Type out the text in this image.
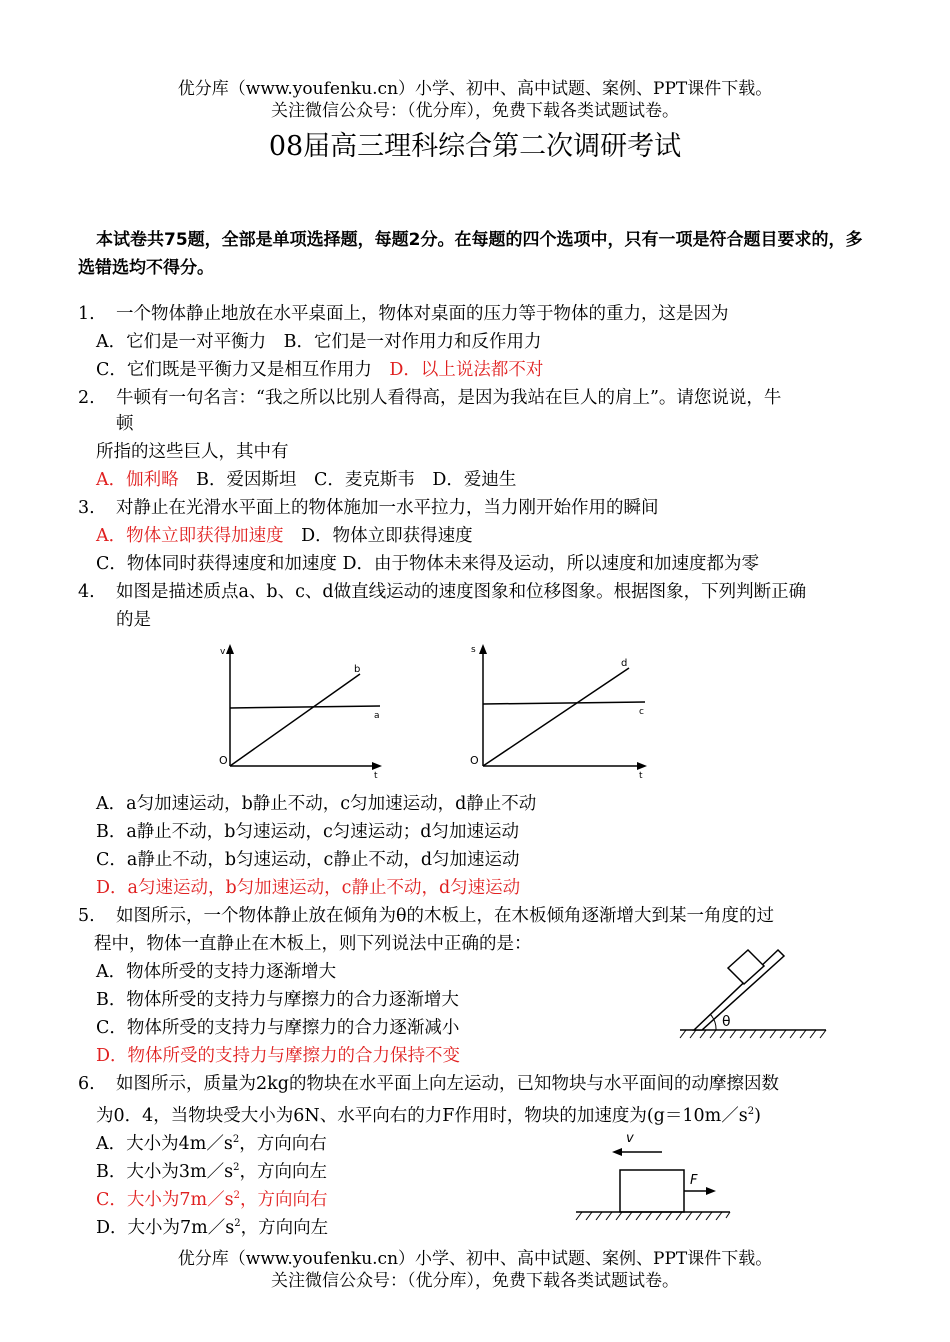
优分库（www.youfenku.cn）小学、初中、高中试题、案例、PPT课件下载。
关注微信公众号：（优分库），免费下载各类试题试卷。
08届高三理科综合第二次调研考试
本试卷共75题，全部是单项选择题，每题2分。在每题的四个选项中，只有一项是符合题目要求的，多选错选均不得分。
1. 一个物体静止地放在水平桌面上，物体对桌面的压力等于物体的重力，这是因为
A．它们是一对平衡力　B．它们是一对作用力和反作用力
C．它们既是平衡力又是相互作用力　 D．以上说法都不对
2. 牛顿有一句名言：“我之所以比别人看得高，是因为我站在巨人的肩上”。请您说说，牛
顿
所指的这些巨人，其中有
A．伽利略　 B．爱因斯坦　C．麦克斯韦　D．爱迪生
3. 对静止在光滑水平面上的物体施加一水平拉力，当力刚开始作用的瞬间
A．物体立即获得加速度　 D．物体立即获得速度
C．物体同时获得速度和加速度 D．由于物体未来得及运动，所以速度和加速度都为零
4. 如图是描述质点a、b、c、d做直线运动的速度图象和位移图象。根据图象，下列判断正确
的是
v
O
t
a
b
s
O
t
c
d
A．a匀加速运动，b静止不动，c匀加速运动，d静止不动
B．a静止不动，b匀速运动，c匀速运动；d匀加速运动
C．a静止不动，b匀速运动，c静止不动，d匀加速运动
D．a匀速运动，b匀加速运动，c静止不动，d匀速运动
5. 如图所示，一个物体静止放在倾角为θ的木板上，在木板倾角逐渐增大到某一角度的过
程中，物体一直静止在木板上，则下列说法中正确的是：
A．物体所受的支持力逐渐增大
B．物体所受的支持力与摩擦力的合力逐渐增大
C．物体所受的支持力与摩擦力的合力逐渐减小
D．物体所受的支持力与摩擦力的合力保持不变
θ
6. 如图所示，质量为2kg的物块在水平面上向左运动，已知物块与水平面间的动摩擦因数
为0．4，当物块受大小为6N、水平向右的力F作用时，物块的加速度为$(g=10m/s^2)$
A．大小为$4m/s^2$，方向向右
B．大小为$3m/s^2$，方向向左
C．大小为$7m/s^2$，方向向右
D．大小为$7m/s^2$，方向向左
v
F
优分库（www.youfenku.cn）小学、初中、高中试题、案例、PPT课件下载。
关注微信公众号：（优分库），免费下载各类试题试卷。
